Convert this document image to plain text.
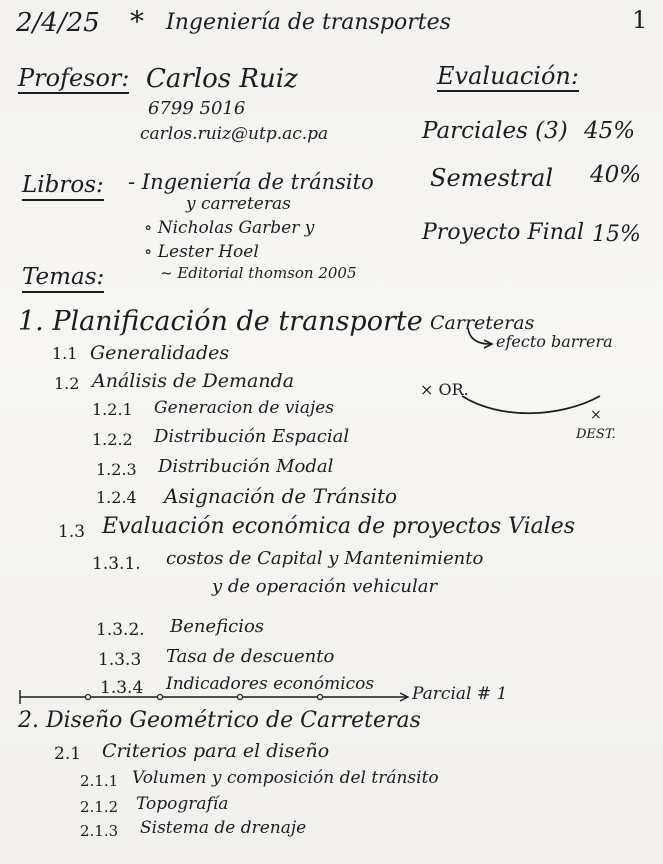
2/4/25 * Ingeniería de transportes	1
Profesor: Carlos Ruiz
6799 5016
carlos.ruiz@utp.ac.pa
Evaluación:
Parciales (3) 45%
Semestral 40%
Proyecto Final 15%
Libros: - Ingeniería de tránsito
y carreteras
∘ Nicholas Garber y
∘ Lester Hoel
~ Editorial thomson 2005
Temas:
Carreteras
efecto barrera
× OR.
×
DEST.
1. Planificación de transporte
1.1 Generalidades
1.2 Análisis de Demanda
1.2.1 Generacion de viajes
1.2.2 Distribución Espacial
1.2.3 Distribución Modal
1.2.4 Asignación de Tránsito
1.3 Evaluación económica de proyectos Viales
1.3.1. costos de Capital y Mantenimiento
y de operación vehicular
1.3.2. Beneficios
1.3.3 Tasa de descuento
1.3.4 Indicadores económicos Parcial # 1
2. Diseño Geométrico de Carreteras
2.1 Criterios para el diseño
2.1.1 Volumen y composición del tránsito
2.1.2 Topografía
2.1.3 Sistema de drenaje
